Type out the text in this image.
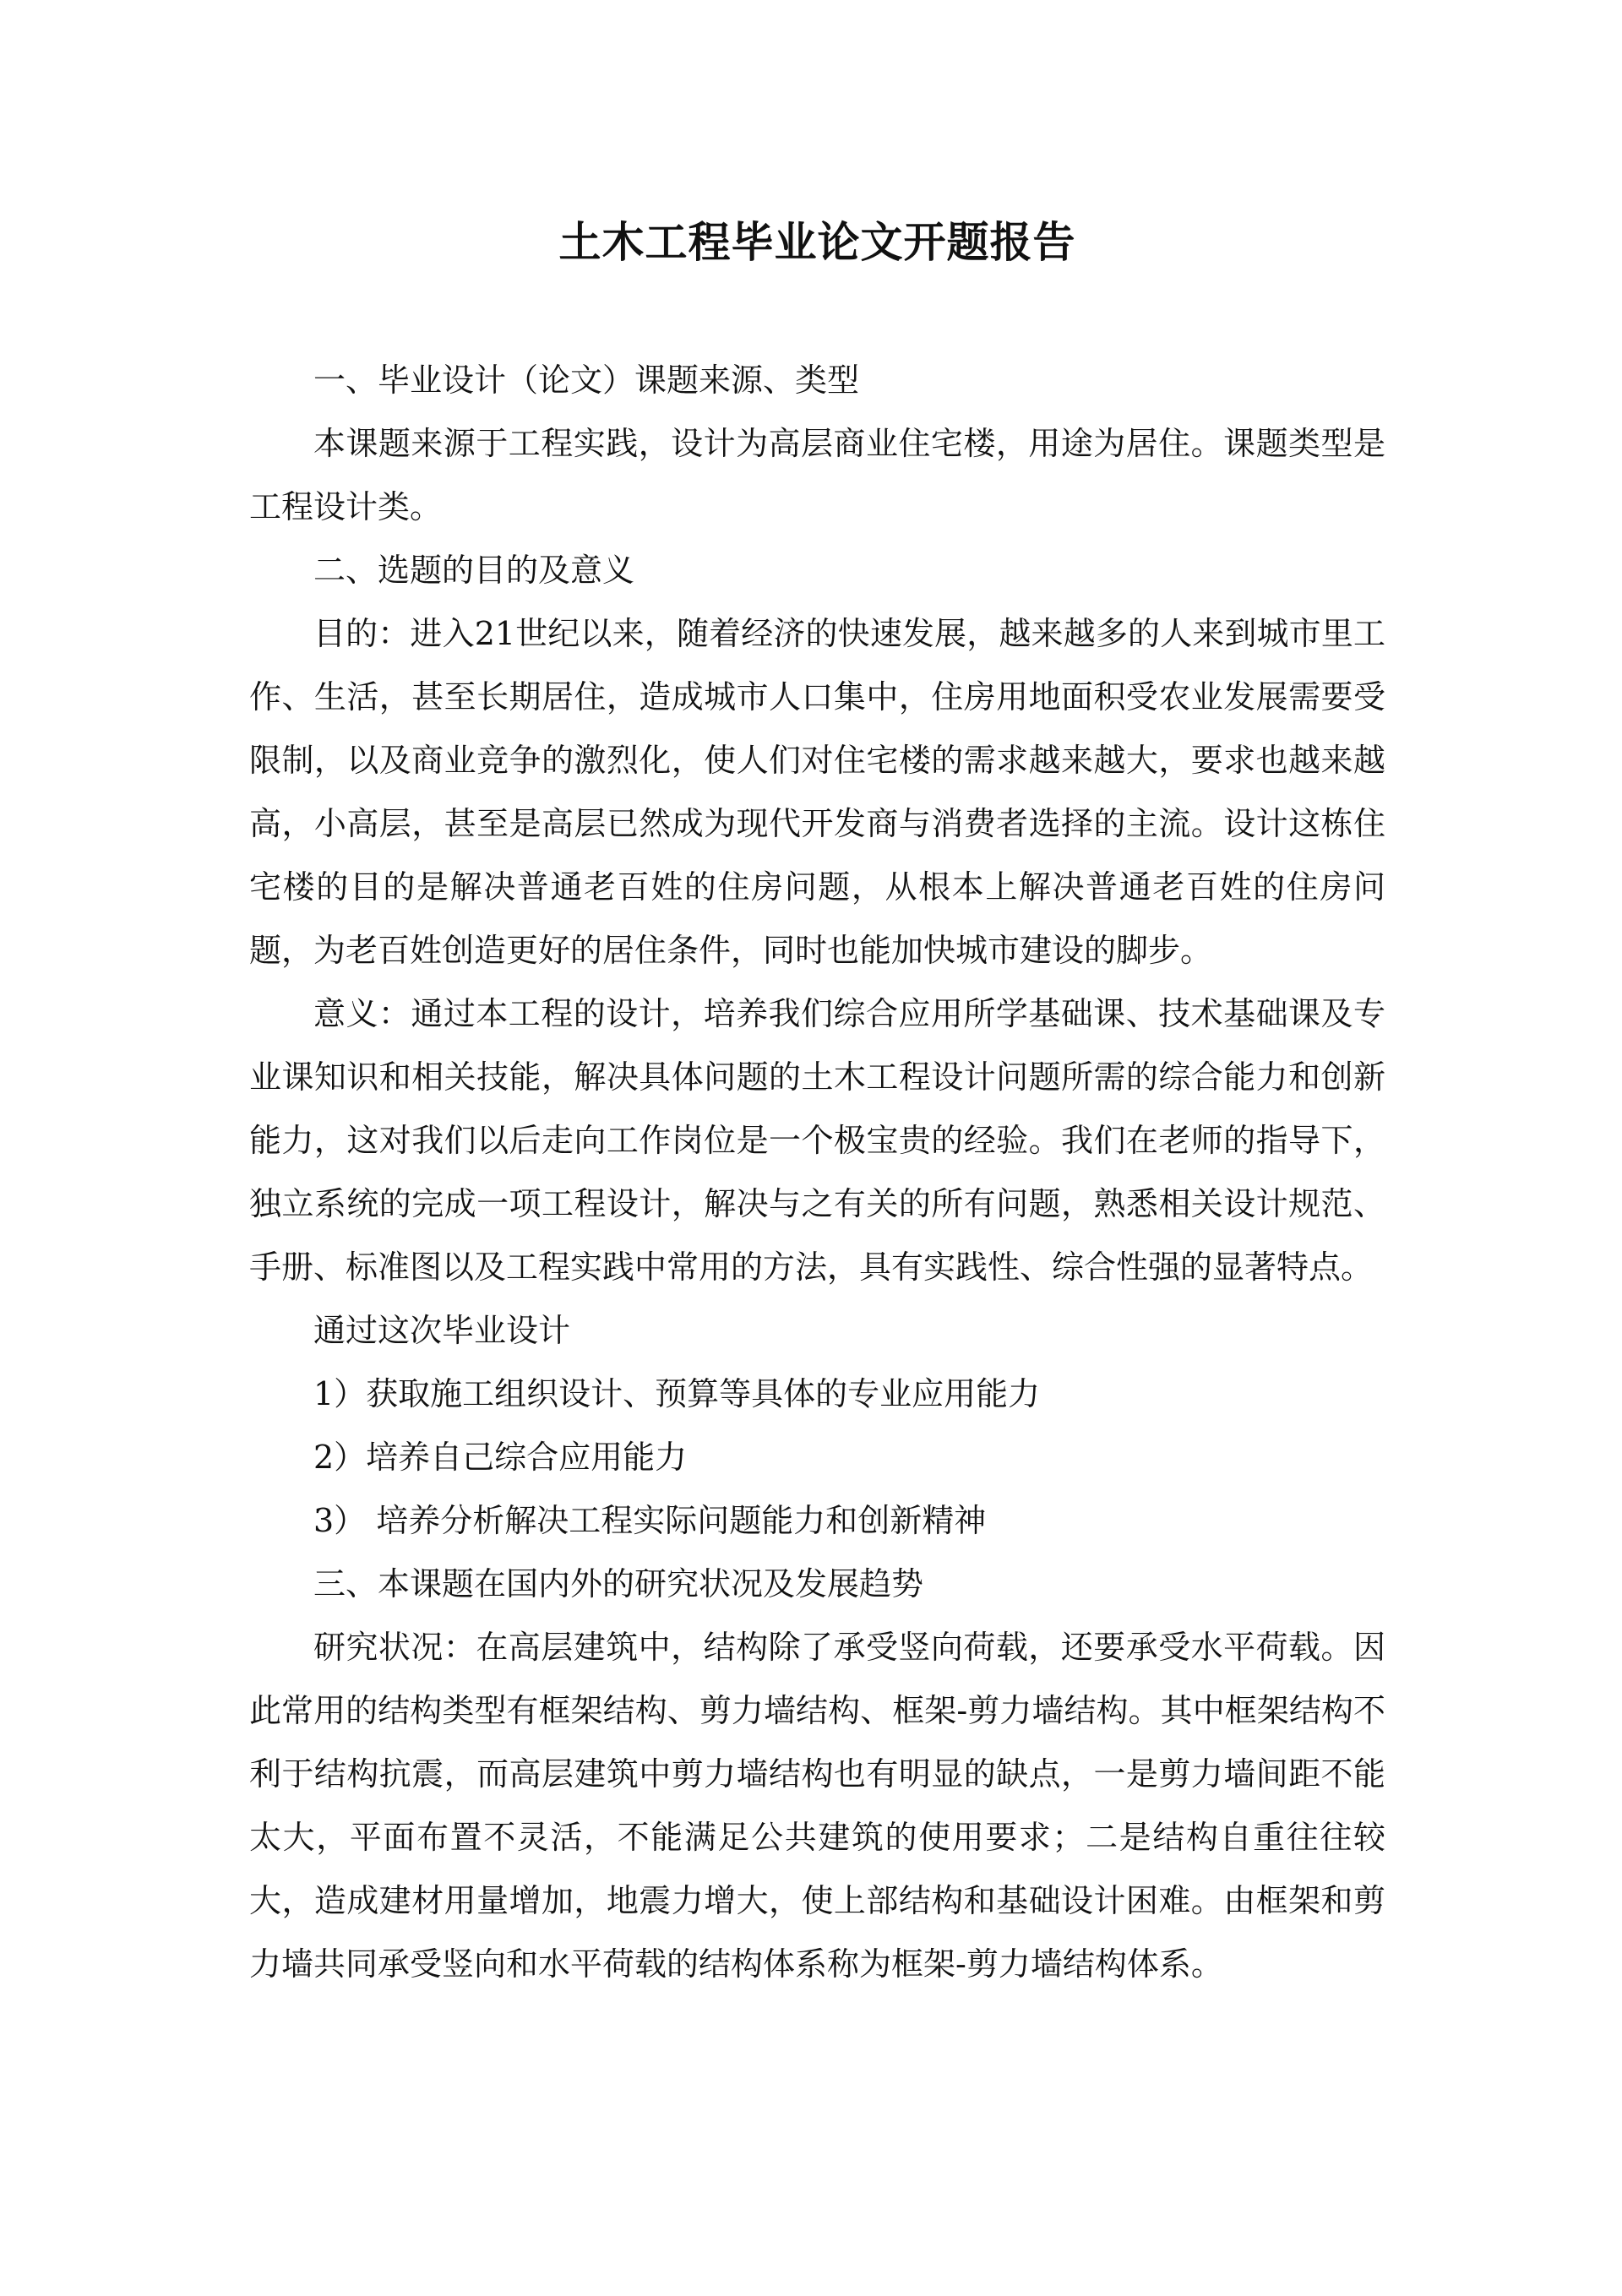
土木工程毕业论文开题报告

一、毕业设计（论文）课题来源、类型

本课题来源于工程实践，设计为高层商业住宅楼，用途为居住。课题类型是工程设计类。

二、选题的目的及意义

目的：进入21世纪以来，随着经济的快速发展，越来越多的人来到城市里工作、生活，甚至长期居住，造成城市人口集中，住房用地面积受农业发展需要受限制，以及商业竞争的激烈化，使人们对住宅楼的需求越来越大，要求也越来越高，小高层，甚至是高层已然成为现代开发商与消费者选择的主流。设计这栋住宅楼的目的是解决普通老百姓的住房问题，从根本上解决普通老百姓的住房问题，为老百姓创造更好的居住条件，同时也能加快城市建设的脚步。

意义：通过本工程的设计，培养我们综合应用所学基础课、技术基础课及专业课知识和相关技能，解决具体问题的土木工程设计问题所需的综合能力和创新能力，这对我们以后走向工作岗位是一个极宝贵的经验。我们在老师的指导下，独立系统的完成一项工程设计，解决与之有关的所有问题，熟悉相关设计规范、手册、标准图以及工程实践中常用的方法，具有实践性、综合性强的显著特点。

通过这次毕业设计

1）获取施工组织设计、预算等具体的专业应用能力

2）培养自己综合应用能力

3） 培养分析解决工程实际问题能力和创新精神

三、本课题在国内外的研究状况及发展趋势

研究状况：在高层建筑中，结构除了承受竖向荷载，还要承受水平荷载。因此常用的结构类型有框架结构、剪力墙结构、框架-剪力墙结构。其中框架结构不利于结构抗震，而高层建筑中剪力墙结构也有明显的缺点，一是剪力墙间距不能太大，平面布置不灵活，不能满足公共建筑的使用要求；二是结构自重往往较大，造成建材用量增加，地震力增大，使上部结构和基础设计困难。由框架和剪力墙共同承受竖向和水平荷载的结构体系称为框架-剪力墙结构体系。
